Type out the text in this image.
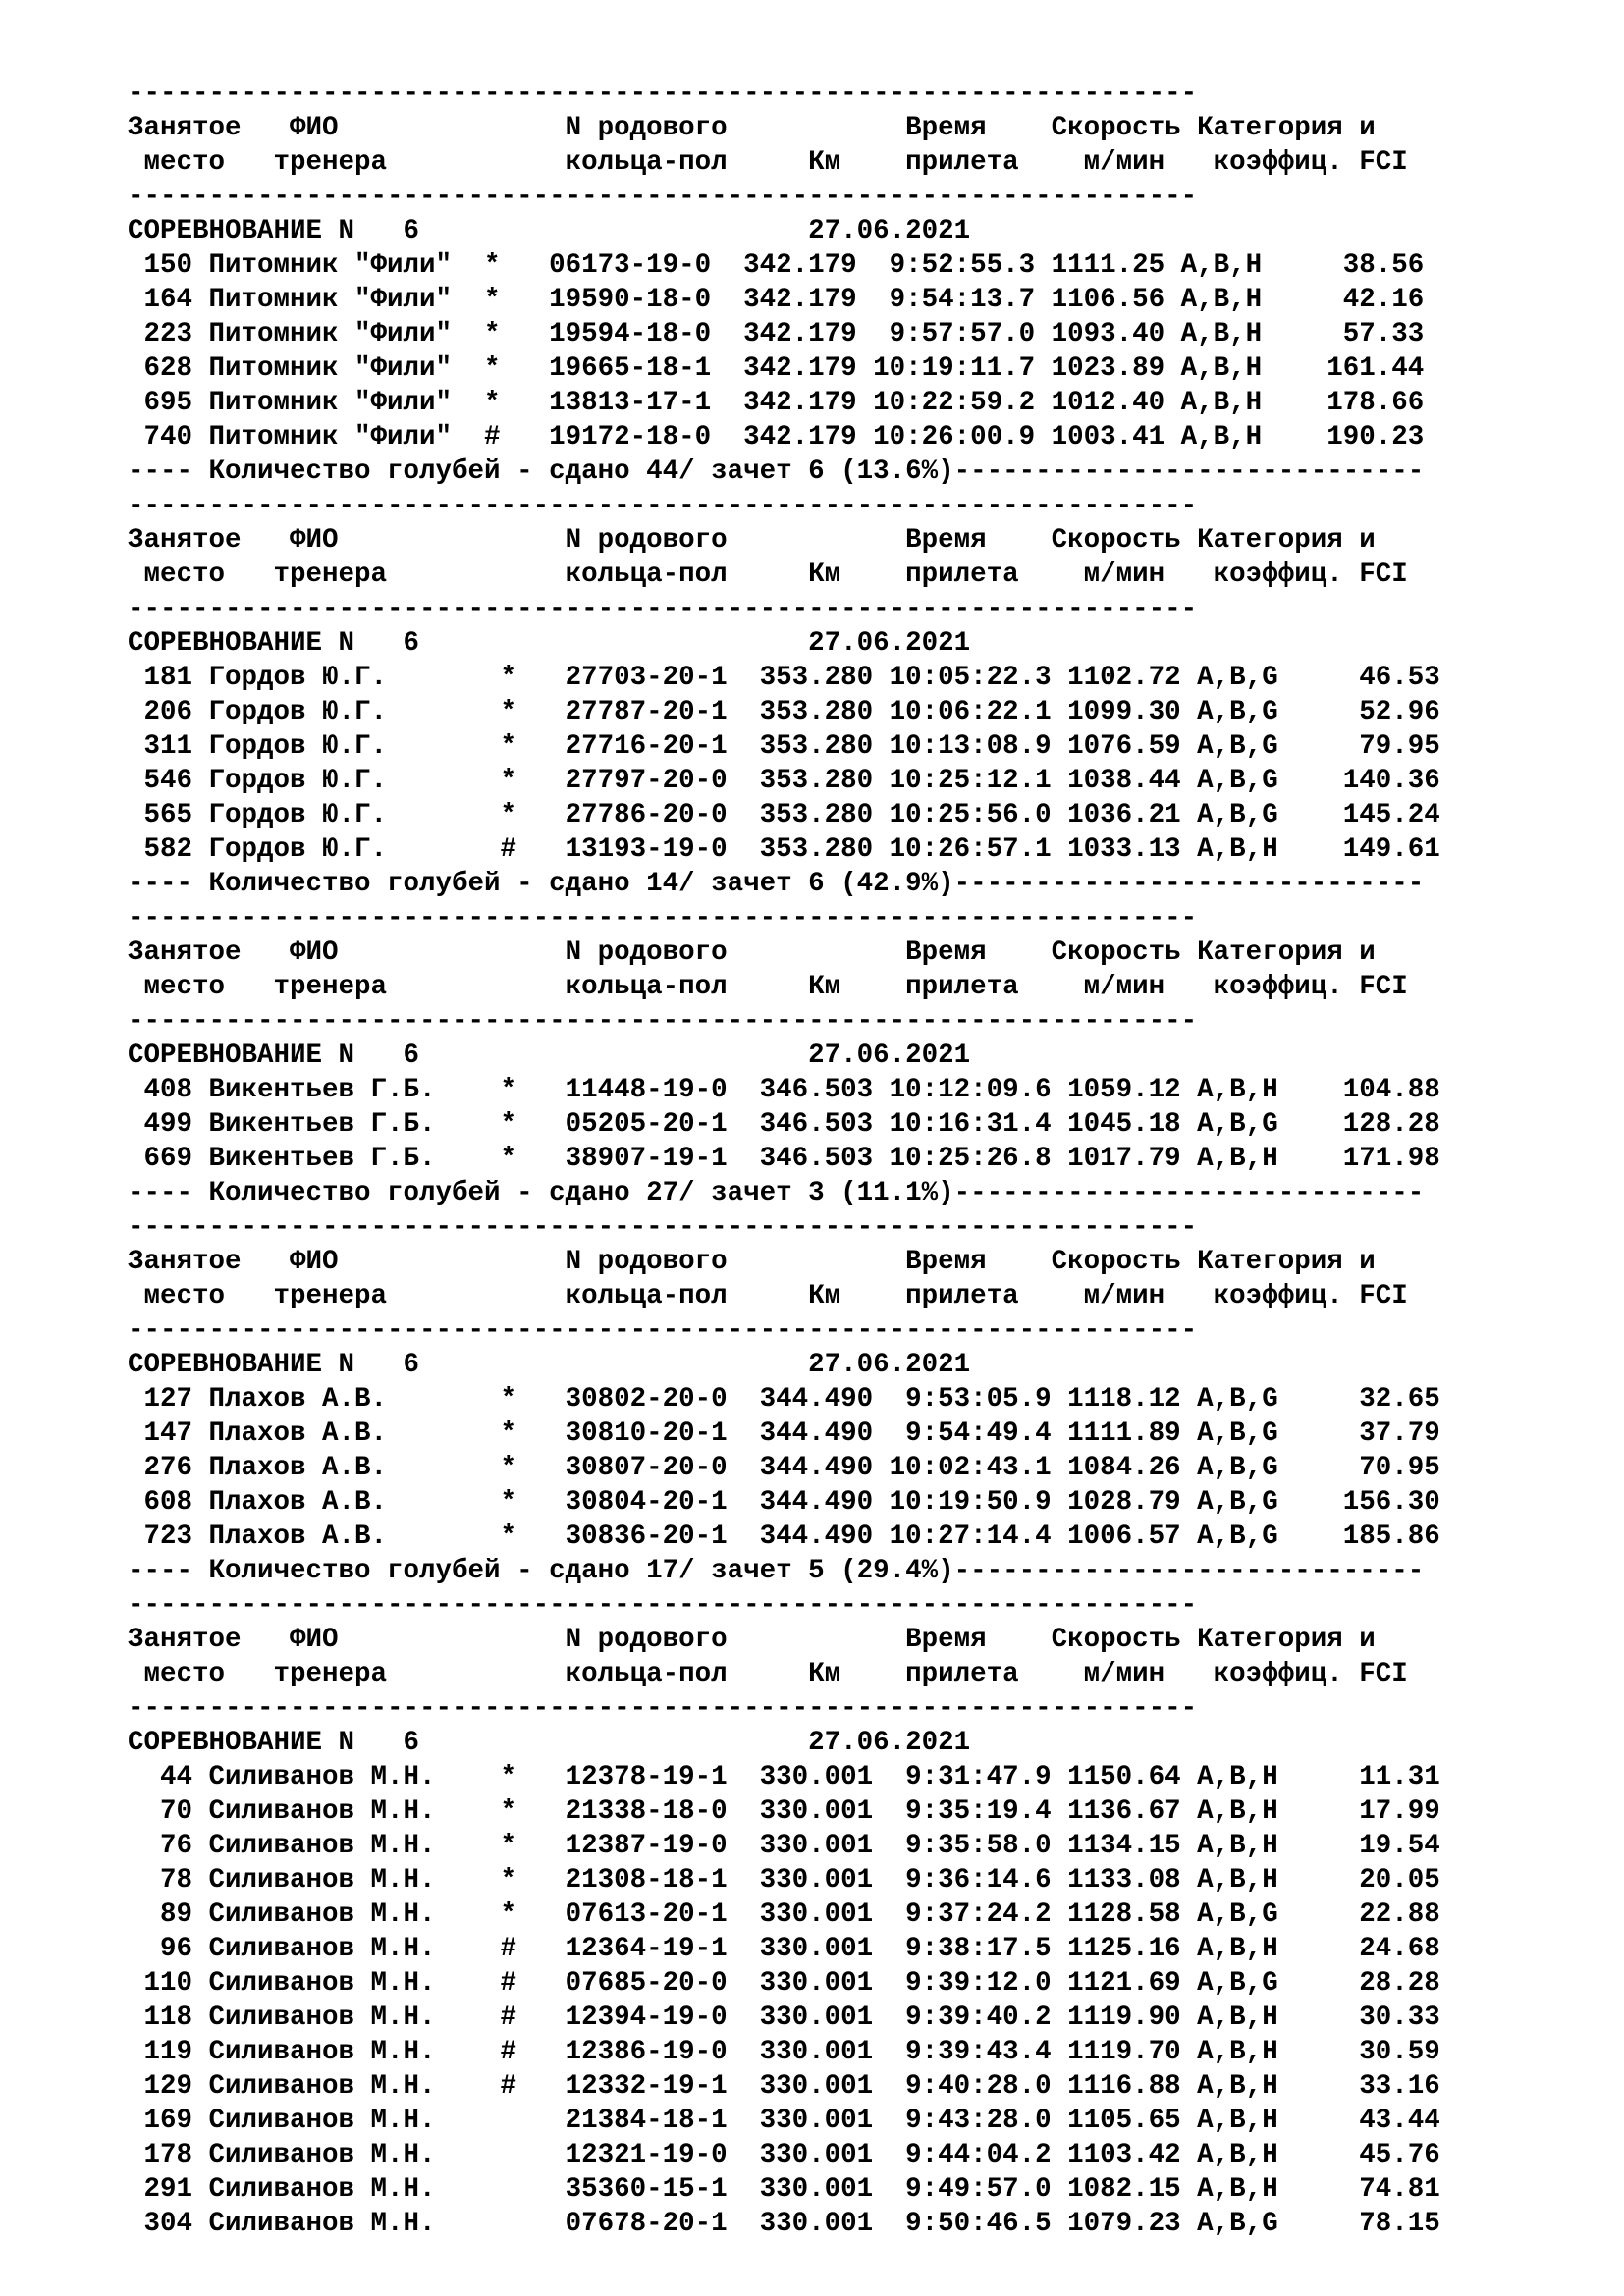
------------------------------------------------------------------
Занятое   ФИО              N родового           Время    Скорость Категория и
место   тренера           кольца-пол     Км    прилета    м/мин   коэффиц. FCI
------------------------------------------------------------------
СОРЕВНОВАНИЕ N   6                        27.06.2021
150 Питомник "Фили"  *   06173-19-0  342.179  9:52:55.3 1111.25 A,B,H     38.56
164 Питомник "Фили"  *   19590-18-0  342.179  9:54:13.7 1106.56 A,B,H     42.16
223 Питомник "Фили"  *   19594-18-0  342.179  9:57:57.0 1093.40 A,B,H     57.33
628 Питомник "Фили"  *   19665-18-1  342.179 10:19:11.7 1023.89 A,B,H    161.44
695 Питомник "Фили"  *   13813-17-1  342.179 10:22:59.2 1012.40 A,B,H    178.66
740 Питомник "Фили"  #   19172-18-0  342.179 10:26:00.9 1003.41 A,B,H    190.23
---- Количество голубей - сдано 44/ зачет 6 (13.6%)-----------------------------
------------------------------------------------------------------
Занятое   ФИО              N родового           Время    Скорость Категория и
место   тренера           кольца-пол     Км    прилета    м/мин   коэффиц. FCI
------------------------------------------------------------------
СОРЕВНОВАНИЕ N   6                        27.06.2021
181 Гордов Ю.Г.       *   27703-20-1  353.280 10:05:22.3 1102.72 A,B,G     46.53
206 Гордов Ю.Г.       *   27787-20-1  353.280 10:06:22.1 1099.30 A,B,G     52.96
311 Гордов Ю.Г.       *   27716-20-1  353.280 10:13:08.9 1076.59 A,B,G     79.95
546 Гордов Ю.Г.       *   27797-20-0  353.280 10:25:12.1 1038.44 A,B,G    140.36
565 Гордов Ю.Г.       *   27786-20-0  353.280 10:25:56.0 1036.21 A,B,G    145.24
582 Гордов Ю.Г.       #   13193-19-0  353.280 10:26:57.1 1033.13 A,B,H    149.61
---- Количество голубей - сдано 14/ зачет 6 (42.9%)-----------------------------
------------------------------------------------------------------
Занятое   ФИО              N родового           Время    Скорость Категория и
место   тренера           кольца-пол     Км    прилета    м/мин   коэффиц. FCI
------------------------------------------------------------------
СОРЕВНОВАНИЕ N   6                        27.06.2021
408 Викентьев Г.Б.    *   11448-19-0  346.503 10:12:09.6 1059.12 A,B,H    104.88
499 Викентьев Г.Б.    *   05205-20-1  346.503 10:16:31.4 1045.18 A,B,G    128.28
669 Викентьев Г.Б.    *   38907-19-1  346.503 10:25:26.8 1017.79 A,B,H    171.98
---- Количество голубей - сдано 27/ зачет 3 (11.1%)-----------------------------
------------------------------------------------------------------
Занятое   ФИО              N родового           Время    Скорость Категория и
место   тренера           кольца-пол     Км    прилета    м/мин   коэффиц. FCI
------------------------------------------------------------------
СОРЕВНОВАНИЕ N   6                        27.06.2021
127 Плахов А.В.       *   30802-20-0  344.490  9:53:05.9 1118.12 A,B,G     32.65
147 Плахов А.В.       *   30810-20-1  344.490  9:54:49.4 1111.89 A,B,G     37.79
276 Плахов А.В.       *   30807-20-0  344.490 10:02:43.1 1084.26 A,B,G     70.95
608 Плахов А.В.       *   30804-20-1  344.490 10:19:50.9 1028.79 A,B,G    156.30
723 Плахов А.В.       *   30836-20-1  344.490 10:27:14.4 1006.57 A,B,G    185.86
---- Количество голубей - сдано 17/ зачет 5 (29.4%)-----------------------------
------------------------------------------------------------------
Занятое   ФИО              N родового           Время    Скорость Категория и
место   тренера           кольца-пол     Км    прилета    м/мин   коэффиц. FCI
------------------------------------------------------------------
СОРЕВНОВАНИЕ N   6                        27.06.2021
44 Силиванов М.Н.    *   12378-19-1  330.001  9:31:47.9 1150.64 A,B,H     11.31
70 Силиванов М.Н.    *   21338-18-0  330.001  9:35:19.4 1136.67 A,B,H     17.99
76 Силиванов М.Н.    *   12387-19-0  330.001  9:35:58.0 1134.15 A,B,H     19.54
78 Силиванов М.Н.    *   21308-18-1  330.001  9:36:14.6 1133.08 A,B,H     20.05
89 Силиванов М.Н.    *   07613-20-1  330.001  9:37:24.2 1128.58 A,B,G     22.88
96 Силиванов М.Н.    #   12364-19-1  330.001  9:38:17.5 1125.16 A,B,H     24.68
110 Силиванов М.Н.    #   07685-20-0  330.001  9:39:12.0 1121.69 A,B,G     28.28
118 Силиванов М.Н.    #   12394-19-0  330.001  9:39:40.2 1119.90 A,B,H     30.33
119 Силиванов М.Н.    #   12386-19-0  330.001  9:39:43.4 1119.70 A,B,H     30.59
129 Силиванов М.Н.    #   12332-19-1  330.001  9:40:28.0 1116.88 A,B,H     33.16
169 Силиванов М.Н.        21384-18-1  330.001  9:43:28.0 1105.65 A,B,H     43.44
178 Силиванов М.Н.        12321-19-0  330.001  9:44:04.2 1103.42 A,B,H     45.76
291 Силиванов М.Н.        35360-15-1  330.001  9:49:57.0 1082.15 A,B,H     74.81
304 Силиванов М.Н.        07678-20-1  330.001  9:50:46.5 1079.23 A,B,G     78.15
